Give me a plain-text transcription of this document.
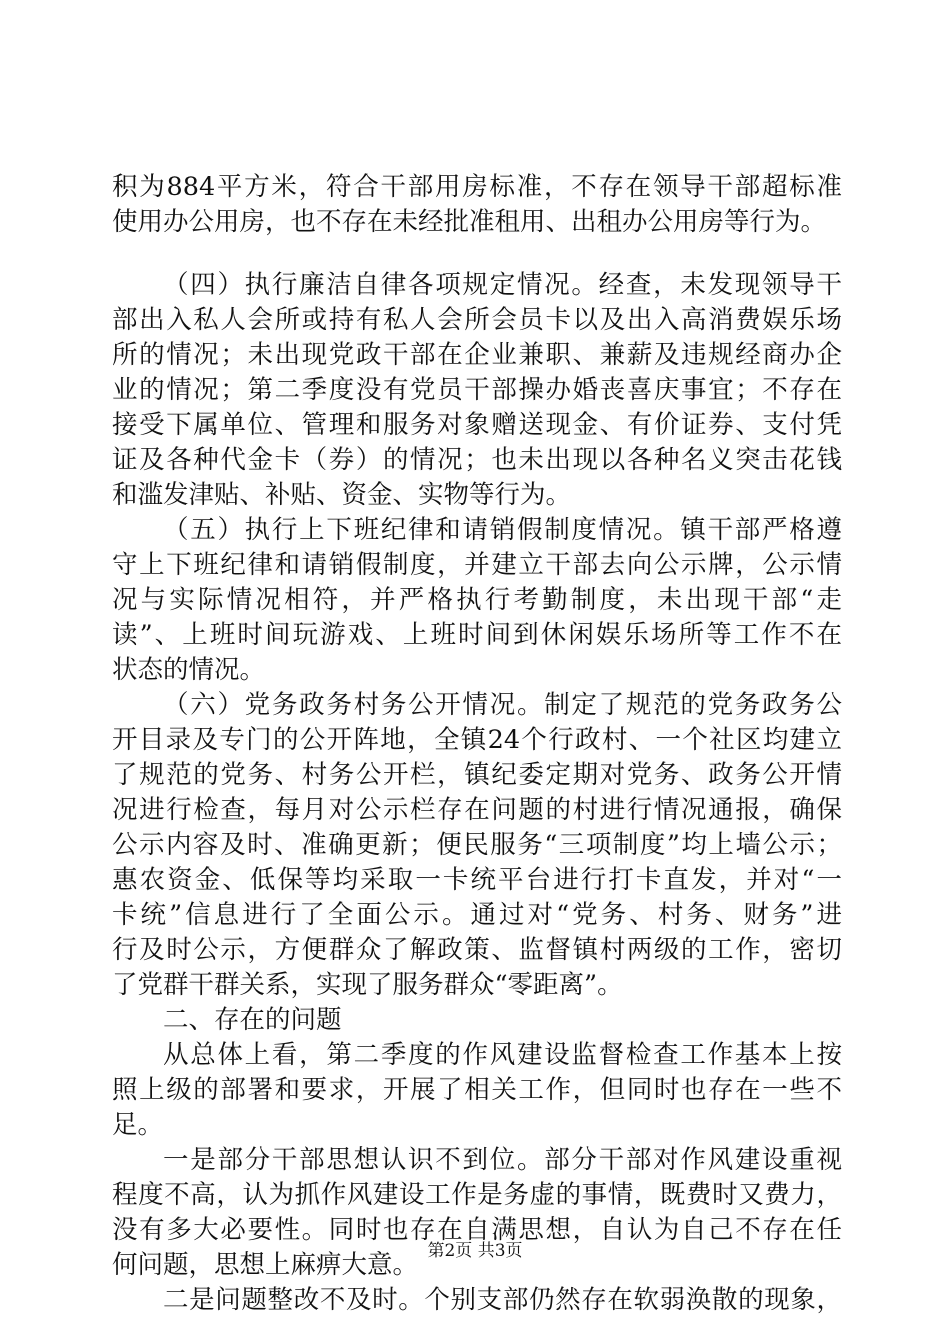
积为884平方米，符合干部用房标准，不存在领导干部超标准
使用办公用房，也不存在未经批准租用、出租办公用房等行为。
（四）执行廉洁自律各项规定情况。经查，未发现领导干
部出入私人会所或持有私人会所会员卡以及出入高消费娱乐场
所的情况；未出现党政干部在企业兼职、兼薪及违规经商办企
业的情况；第二季度没有党员干部操办婚丧喜庆事宜；不存在
接受下属单位、管理和服务对象赠送现金、有价证券、支付凭
证及各种代金卡（券）的情况；也未出现以各种名义突击花钱
和滥发津贴、补贴、资金、实物等行为。
（五）执行上下班纪律和请销假制度情况。镇干部严格遵
守上下班纪律和请销假制度，并建立干部去向公示牌，公示情
况与实际情况相符，并严格执行考勤制度，未出现干部“走
读”、上班时间玩游戏、上班时间到休闲娱乐场所等工作不在
状态的情况。
（六）党务政务村务公开情况。制定了规范的党务政务公
开目录及专门的公开阵地，全镇24个行政村、一个社区均建立
了规范的党务、村务公开栏，镇纪委定期对党务、政务公开情
况进行检查，每月对公示栏存在问题的村进行情况通报，确保
公示内容及时、准确更新；便民服务“三项制度”均上墙公示；
惠农资金、低保等均采取一卡统平台进行打卡直发，并对“一
卡统”信息进行了全面公示。通过对“党务、村务、财务”进
行及时公示，方便群众了解政策、监督镇村两级的工作，密切
了党群干群关系，实现了服务群众“零距离”。
二、存在的问题
从总体上看，第二季度的作风建设监督检查工作基本上按
照上级的部署和要求，开展了相关工作，但同时也存在一些不
足。
一是部分干部思想认识不到位。部分干部对作风建设重视
程度不高，认为抓作风建设工作是务虚的事情，既费时又费力，
没有多大必要性。同时也存在自满思想，自认为自己不存在任
何问题，思想上麻痹大意。
二是问题整改不及时。个别支部仍然存在软弱涣散的现象，
第2页 共3页
